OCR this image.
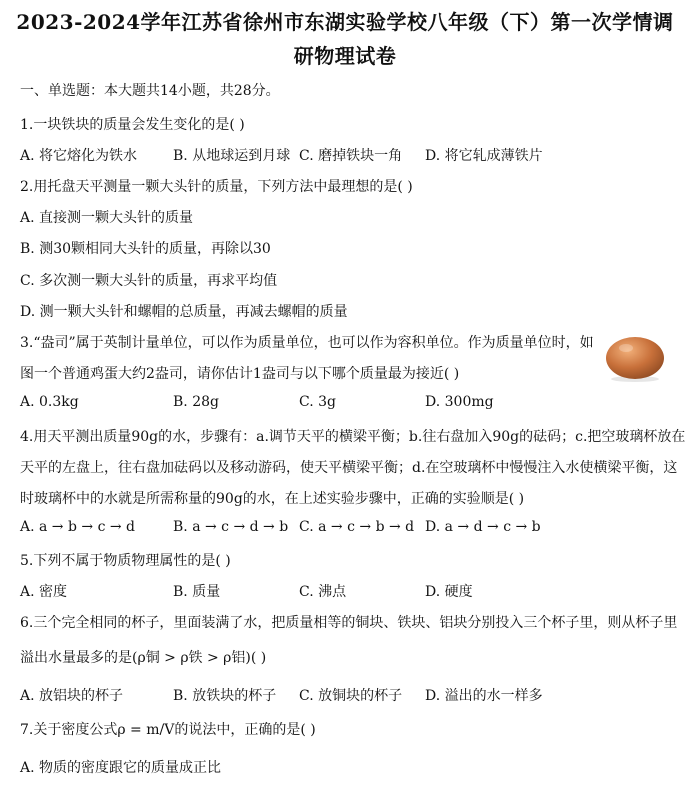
2023-2024学年江苏省徐州市东湖实验学校八年级（下）第一次学情调
研物理试卷
一、单选题：本大题共14小题，共28分。
1.一块铁块的质量会发生变化的是( )
A. 将它熔化为铁水	B. 从地球运到月球 C. 磨掉铁块一角 D. 将它轧成薄铁片
2.用托盘天平测量一颗大头针的质量，下列方法中最理想的是( )
A. 直接测一颗大头针的质量
B. 测30颗相同大头针的质量，再除以30
C. 多次测一颗大头针的质量，再求平均值
D. 测一颗大头针和螺帽的总质量，再减去螺帽的质量
3.“盎司”属于英制计量单位，可以作为质量单位，也可以作为容积单位。作为质量单位时，如
图一个普通鸡蛋大约2盎司，请你估计1盎司与以下哪个质量最为接近( )
A. 0.3kg	B. 28g	C. 3g	D. 300mg
4.用天平测出质量90g的水，步骤有：a.调节天平的横梁平衡；b.往右盘加入90g的砝码；c.把空玻璃杯放在
天平的左盘上，往右盘加砝码以及移动游码，使天平横梁平衡；d.在空玻璃杯中慢慢注入水使横梁平衡，这
时玻璃杯中的水就是所需称量的90g的水，在上述实验步骤中，正确的实验顺是( )
A. a → b → c → d	B. a → c → d → b C. a → c → b → d D. a → d → c → b
5.下列不属于物质物理属性的是( )
A. 密度	B. 质量	C. 沸点	D. 硬度
6.三个完全相同的杯子，里面装满了水，把质量相等的铜块、铁块、铝块分别投入三个杯子里，则从杯子里
溢出水量最多的是(ρ铜 > ρ铁 > ρ铝)( )
A. 放铝块的杯子	B. 放铁块的杯子 C. 放铜块的杯子 D. 溢出的水一样多
7.关于密度公式ρ = m/V的说法中，正确的是( )
A. 物质的密度跟它的质量成正比
